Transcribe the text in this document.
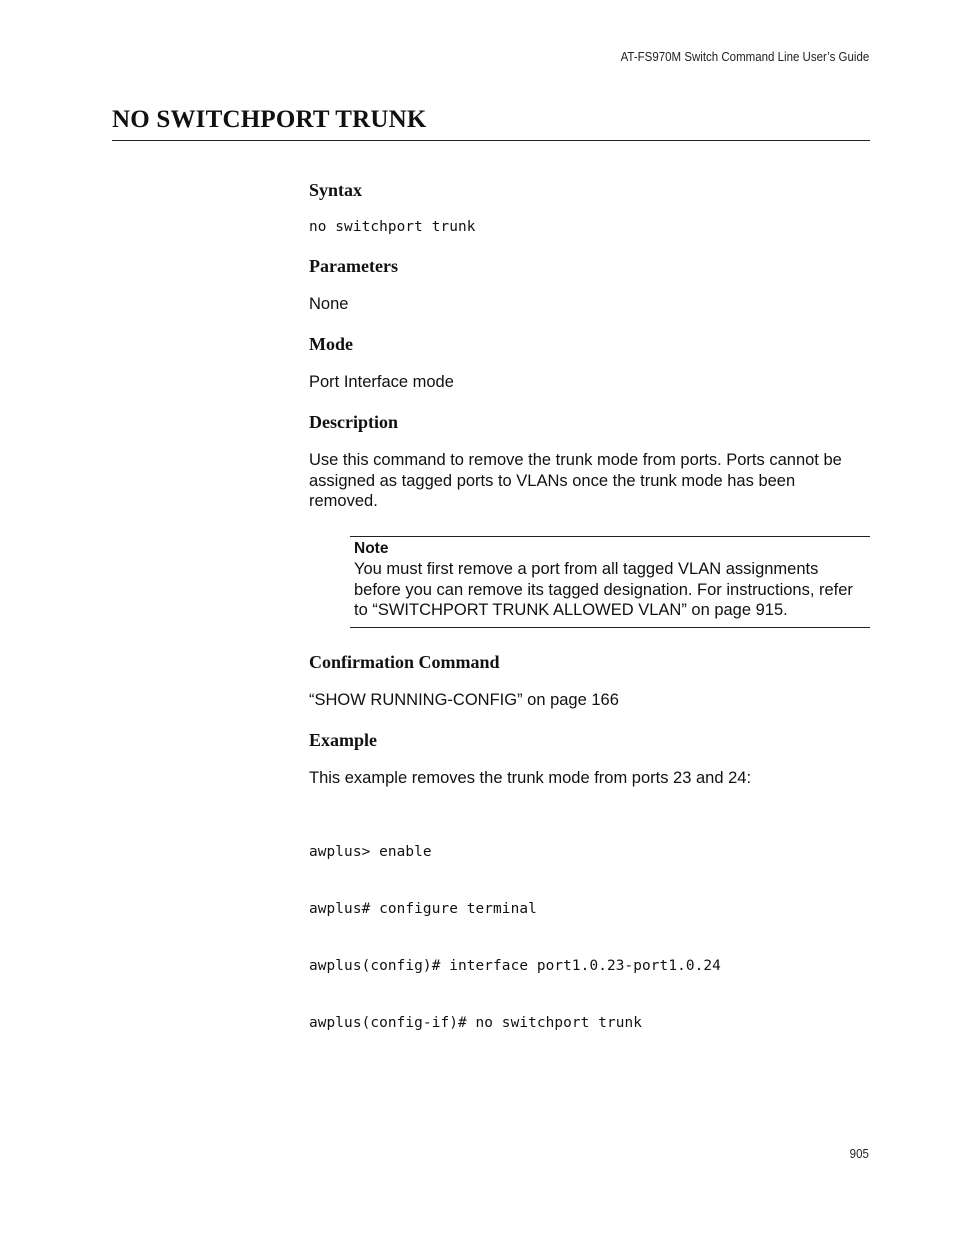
AT-FS970M Switch Command Line User’s Guide
NO SWITCHPORT TRUNK
Syntax
no switchport trunk
Parameters

None

Mode

Port Interface mode

Description

Use this command to remove the trunk mode from ports. Ports cannot be assigned as tagged ports to VLANs once the trunk mode has been removed.

Note

You must first remove a port from all tagged VLAN assignments before you can remove its tagged designation. For instructions, refer to “SWITCHPORT TRUNK ALLOWED VLAN” on page 915.

Confirmation Command

“SHOW RUNNING-CONFIG” on page 166

Example

This example removes the trunk mode from ports 23 and 24:

awplus> enable

awplus# configure terminal

awplus(config)# interface port1.0.23-port1.0.24

awplus(config-if)# no switchport trunk

905
